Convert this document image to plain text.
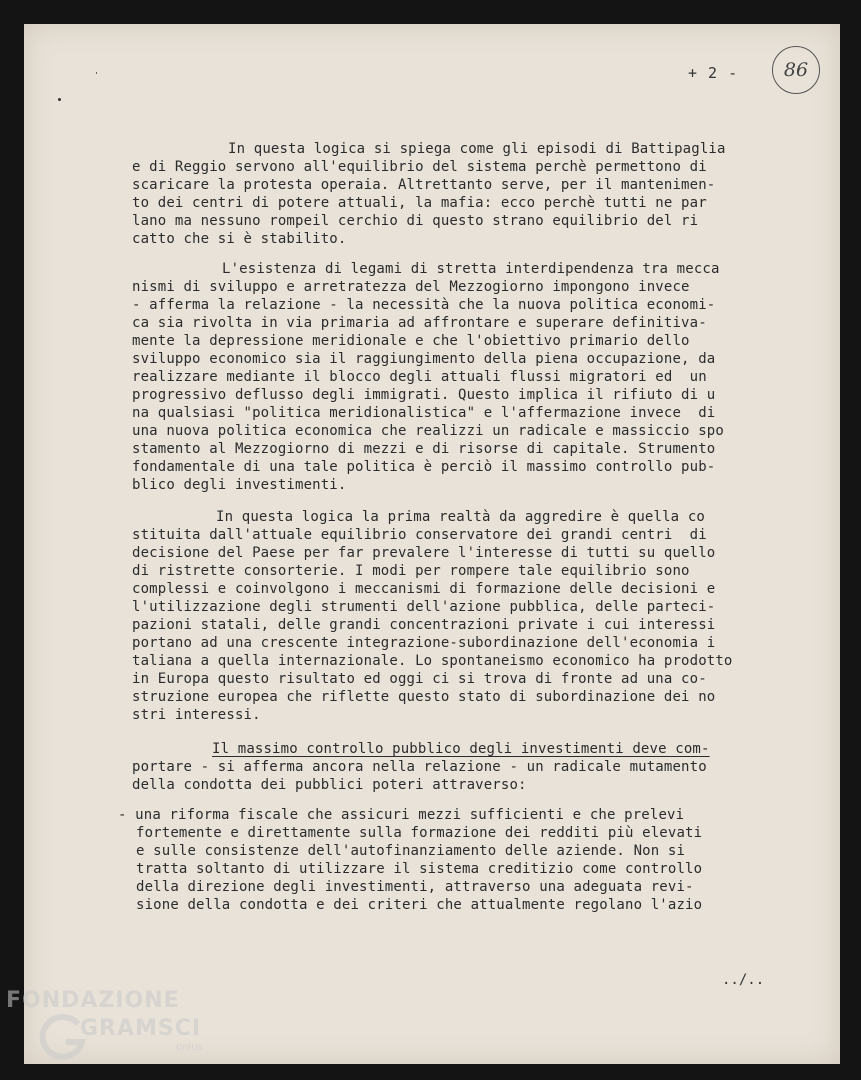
+ 2 -	86
In questa logica si spiega come gli episodi di Battipaglia
e di Reggio servono all'equilibrio del sistema perchè permettono di
scaricare la protesta operaia. Altrettanto serve, per il mantenimen-
to dei centri di potere attuali, la mafia: ecco perchè tutti ne par
lano ma nessuno rompeil cerchio di questo strano equilibrio del ri
catto che si è stabilito.
L'esistenza di legami di stretta interdipendenza tra mecca
nismi di sviluppo e arretratezza del Mezzogiorno impongono invece
- afferma la relazione - la necessità che la nuova politica economi-
ca sia rivolta in via primaria ad affrontare e superare definitiva-
mente la depressione meridionale e che l'obiettivo primario dello
sviluppo economico sia il raggiungimento della piena occupazione, da
realizzare mediante il blocco degli attuali flussi migratori ed  un
progressivo deflusso degli immigrati. Questo implica il rifiuto di u
na qualsiasi "politica meridionalistica" e l'affermazione invece  di
una nuova politica economica che realizzi un radicale e massiccio spo
stamento al Mezzogiorno di mezzi e di risorse di capitale. Strumento
fondamentale di una tale politica è perciò il massimo controllo pub-
blico degli investimenti.
In questa logica la prima realtà da aggredire è quella co
stituita dall'attuale equilibrio conservatore dei grandi centri  di
decisione del Paese per far prevalere l'interesse di tutti su quello
di ristrette consorterie. I modi per rompere tale equilibrio sono
complessi e coinvolgono i meccanismi di formazione delle decisioni e
l'utilizzazione degli strumenti dell'azione pubblica, delle parteci-
pazioni statali, delle grandi concentrazioni private i cui interessi
portano ad una crescente integrazione-subordinazione dell'economia i
taliana a quella internazionale. Lo spontaneismo economico ha prodotto
in Europa questo risultato ed oggi ci si trova di fronte ad una co-
struzione europea che riflette questo stato di subordinazione dei no
stri interessi.
Il massimo controllo pubblico degli investimenti deve com-
portare - si afferma ancora nella relazione - un radicale mutamento
della condotta dei pubblici poteri attraverso:
- una riforma fiscale che assicuri mezzi sufficienti e che prelevi
fortemente e direttamente sulla formazione dei redditi più elevati
e sulle consistenze dell'autofinanziamento delle aziende. Non si
tratta soltanto di utilizzare il sistema creditizio come controllo
della direzione degli investimenti, attraverso una adeguata revi-
sione della condotta e dei criteri che attualmente regolano l'azio
../..
FONDAZIONE
GRAMSCI
onlus
